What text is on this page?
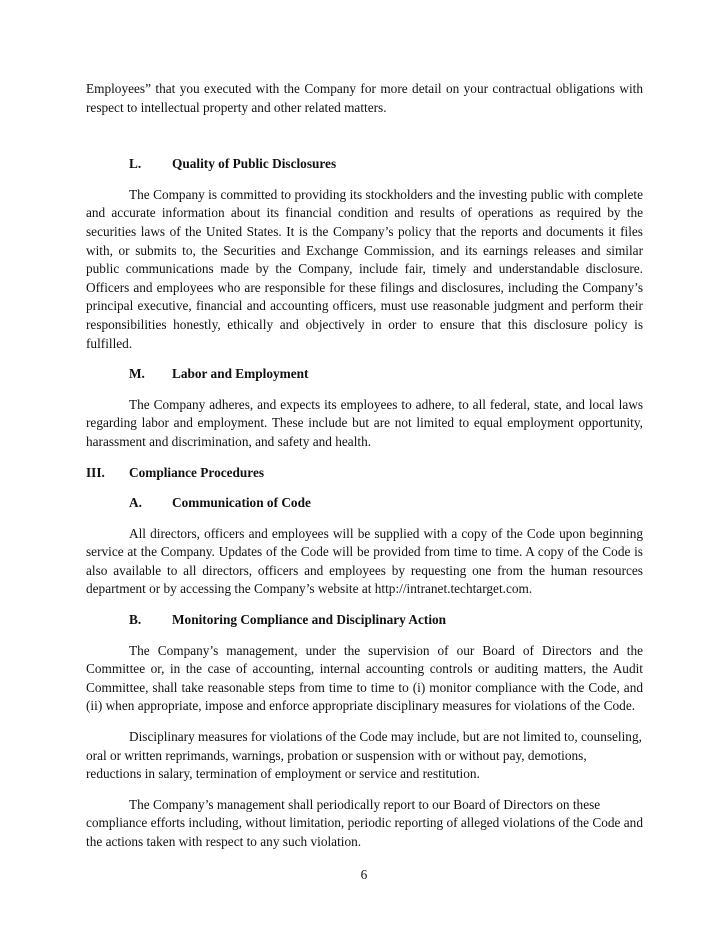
Employees” that you executed with the Company for more detail on your contractual obligations with respect to intellectual property and other related matters.

L.	Quality of Public Disclosures

The Company is committed to providing its stockholders and the investing public with complete and accurate information about its financial condition and results of operations as required by the securities laws of the United States. It is the Company’s policy that the reports and documents it files with, or submits to, the Securities and Exchange Commission, and its earnings releases and similar public communications made by the Company, include fair, timely and understandable disclosure. Officers and employees who are responsible for these filings and disclosures, including the Company’s principal executive, financial and accounting officers, must use reasonable judgment and perform their responsibilities honestly, ethically and objectively in order to ensure that this disclosure policy is fulfilled.

M.	Labor and Employment

The Company adheres, and expects its employees to adhere, to all federal, state, and local laws regarding labor and employment. These include but are not limited to equal employment opportunity, harassment and discrimination, and safety and health.

III.	Compliance Procedures
A.	Communication of Code

All directors, officers and employees will be supplied with a copy of the Code upon beginning service at the Company. Updates of the Code will be provided from time to time. A copy of the Code is also available to all directors, officers and employees by requesting one from the human resources department or by accessing the Company’s website at http://intranet.techtarget.com.

B.	Monitoring Compliance and Disciplinary Action

The Company’s management, under the supervision of our Board of Directors and the Committee or, in the case of accounting, internal accounting controls or auditing matters, the Audit Committee, shall take reasonable steps from time to time to (i) monitor compliance with the Code, and (ii) when appropriate, impose and enforce appropriate disciplinary measures for violations of the Code.

Disciplinary measures for violations of the Code may include, but are not limited to, counseling, oral or written reprimands, warnings, probation or suspension with or without pay, demotions, reductions in salary, termination of employment or service and restitution.

The Company’s management shall periodically report to our Board of Directors on these compliance efforts including, without limitation, periodic reporting of alleged violations of the Code and the actions taken with respect to any such violation.

6
